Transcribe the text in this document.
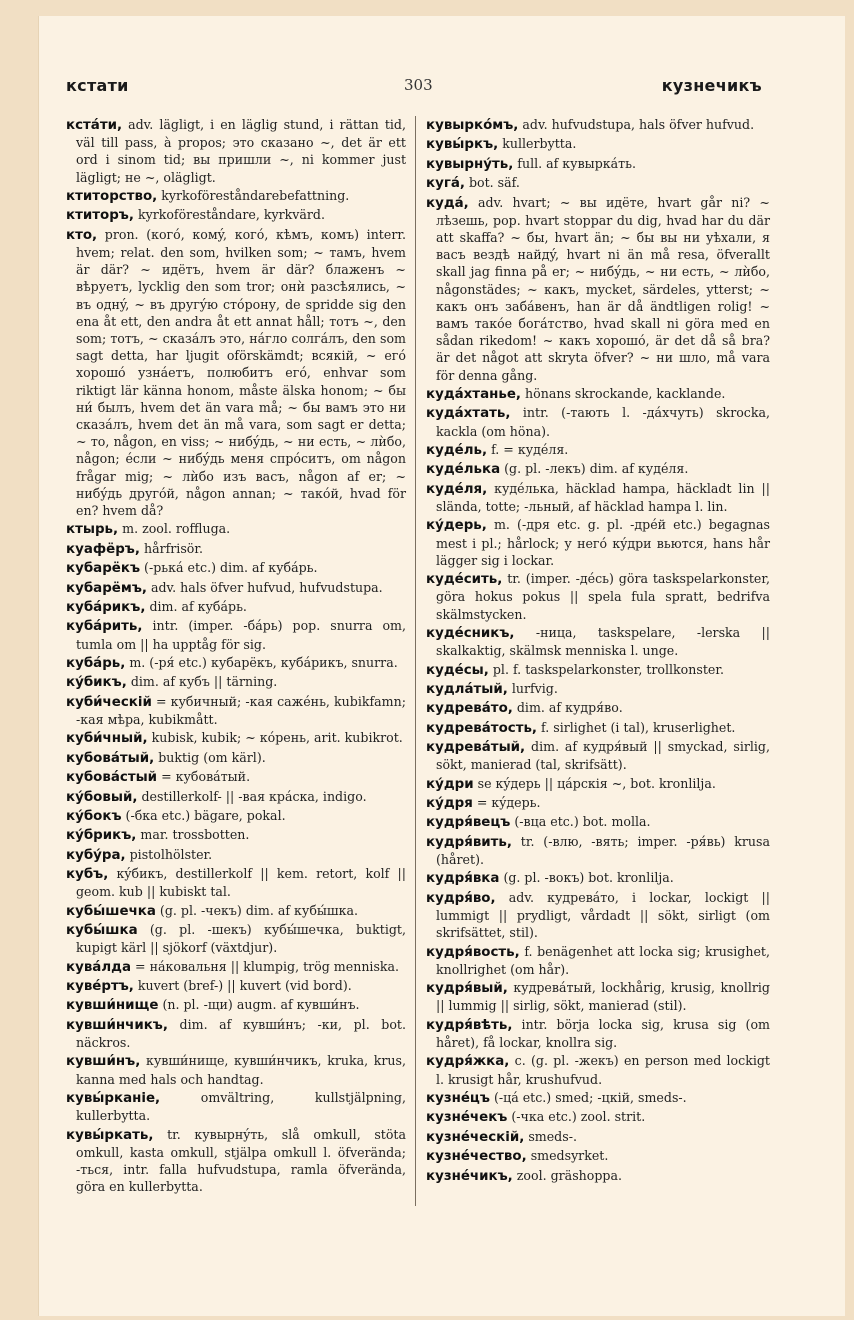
кстати	303	кузнечикъ

кстáти, adv. lägligt, i en läglig stund, i rättan tid, väl till pass, à propos; это сказано ~, det är ett ord i sinom tid; вы пришли ~, ni kommer just lägligt; не ~, olägligt.

ктиторство, kyrkoföreståndarebefattning.

ктиторъ, kyrkoföreståndare, kyrkvärd.

кто, pron. (когó, комý, когó, кѣмъ, комъ) interr. hvem; relat. den som, hvilken som; ~ тамъ, hvem är där? ~ идётъ, hvem är där? блаженъ ~ вѣруетъ, lycklig den som tror; онѝ разсѣялись, ~ въ однý, ~ въ другýю стóрону, de spridde sig den ena åt ett, den andra åt ett annat håll; тотъ ~, den som; тотъ, ~ сказáлъ это, нáгло солгáлъ, den som sagt detta, har ljugit oförskämdt; всякiй, ~ егó хорошó узнáетъ, полюбитъ егó, enhvar som riktigt lär känna honom, måste älska honom; ~ бы ни́ былъ, hvem det än vara må; ~ бы вамъ это ни сказáлъ, hvem det än må vara, som sagt er detta; ~ то, någon, en viss; ~ нибýдь, ~ ни есть, ~ лѝбо, någon; éсли ~ нибýдь меня спрóситъ, om någon frågar mig; ~ лѝбо изъ васъ, någon af er; ~ нибýдь другóй, någon annan; ~ такóй, hvad för en? hvem då?

ктырь, m. zool. roffluga.

куафёръ, hårfrisör.

кубарёкъ (-рькá etc.) dim. af кубáрь.

кубарёмъ, adv. hals öfver hufvud, hufvudstupa.

кубáрикъ, dim. af кубáрь.

кубáрить, intr. (imper. -бáрь) pop. snurra om, tumla om || ha upptåg för sig.

кубáрь, m. (-ря́ etc.) кубарёкъ, кубáрикъ, snurra.

кýбикъ, dim. af кубъ || tärning.

куби́ческiй = кубичный; -кая сажéнь, kubikfamn; -кая мѣра, kubikmått.

куби́чный, kubisk, kubik; ~ кóрень, arit. kubikrot.

кубовáтый, buktig (om kärl).

кубовáстый = кубовáтый.

кýбовый, destillerkolf- || -вая крáска, indigo.

кýбокъ (-бка etc.) bägare, pokal.

кýбрикъ, mar. trossbotten.

кубýра, pistolhölster.

кубъ, кýбикъ, destillerkolf || kem. retort, kolf || geom. kub || kubiskt tal.

кубы́шечка (g. pl. -чекъ) dim. af кубы́шка.

кубы́шка (g. pl. -шекъ) кубы́шечка, buktigt, kupigt kärl || sjökorf (växtdjur).

кувáлда = нáковальня || klumpig, trög menniska.

кувéртъ, kuvert (bref-) || kuvert (vid bord).

кувши́нище (n. pl. -щи) augm. af кувши́нъ.

кувши́нчикъ, dim. af кувши́нъ; -ки, pl. bot. näckros.

кувши́нъ, кувши́нище, кувши́нчикъ, kruka, krus, kanna med hals och handtag.

кувы́рканiе,	omvältring, kullstjälpning, kullerbytta.

кувы́ркать, tr. кувырнýть, slå omkull, stöta omkull, kasta omkull, stjälpa omkull l. öfverända; -ться, intr. falla hufvudstupa, ramla öfverända, göra en kullerbytta.

кувыркóмъ, adv. hufvudstupa, hals öfver hufvud.

кувы́ркъ, kullerbytta.

кувырнýть, full. af кувыркáть.

кугá, bot. säf.

кудá, adv. hvart; ~ вы идёте, hvart går ni? ~ лѣзешь, pop. hvart stoppar du dig, hvad har du där att skaffa? ~ бы, hvart än; ~ бы вы ни уѣхали, я васъ вездѣ найдý, hvart ni än må resa, öfverallt skall jag finna på er; ~ нибýдь, ~ ни есть, ~ лѝбо, någonstädes; ~ какъ, mycket, särdeles, ytterst; ~ какъ онъ забáвенъ, han är då ändtligen rolig! ~ вамъ такóе богáтство, hvad skall ni göra med en sådan rikedom! ~ какъ хорошó, är det då så bra? är det något att skryta öfver? ~ ни шло, må vara för denna gång.

кудáхтанье, hönans skrockande, kacklande.

кудáхтать, intr. (-тають l. -дáхчуть) skrocka, kackla (om höna).

кудéль, f. = кудéля.

кудéлька (g. pl. -лекъ) dim. af кудéля.

кудéля, кудéлька, häcklad hampa, häckladt lin || slända, totte; -льный, af häcklad hampa l. lin.

кýдерь, m. (-дря etc. g. pl. -дрéй etc.) begagnas mest i pl.; hårlock; у негó кýдри вьются, hans hår lägger sig i lockar.

кудéсить, tr. (imper. -дéсь) göra taskspelarkonster, göra hokus pokus || spela fula spratt, bedrifva skälmstycken.

кудéсникъ, -ница, taskspelare, -lerska || skalkaktig, skälmsk menniska l. unge.

кудéсы, pl. f. taskspelarkonster, trollkonster.

кудлáтый, lurfvig.

кудревáто, dim. af кудря́во.

кудревáтость, f. sirlighet (i tal), kruserlighet.

кудревáтый, dim. af кудря́вый || smyckad, sirlig, sökt, manierad (tal, skrifsätt).

кýдри se кýдерь || цáрскiя ~, bot. kronlilja.

кýдря = кýдерь.

кудря́вецъ (-вца etc.) bot. molla.

кудря́вить, tr. (-влю, -вять; imper. -ря́вь) krusa (håret).

кудря́вка (g. pl. -вокъ) bot. kronlilja.

кудря́во, adv. кудревáто, i lockar, lockigt || lummigt || prydligt, vårdadt || sökt, sirligt (om skrifsättet, stil).

кудря́вость, f. benägenhet att locka sig; krusighet, knollrighet (om hår).

кудря́вый, кудревáтый, lockhårig, krusig, knollrig || lummig || sirlig, sökt, manierad (stil).

кудря́вѣть, intr. börja locka sig, krusa sig (om håret), få lockar, knollra sig.

кудря́жка, c. (g. pl. -жекъ) en person med lockigt l. krusigt hår, krushufvud.

кузнéцъ (-цá etc.) smed; -цкiй, smeds-.

кузнéчекъ (-чка etc.) zool. strit.

кузнéческiй, smeds-.

кузнéчество, smedsyrket.

кузнéчикъ, zool. gräshoppa.
